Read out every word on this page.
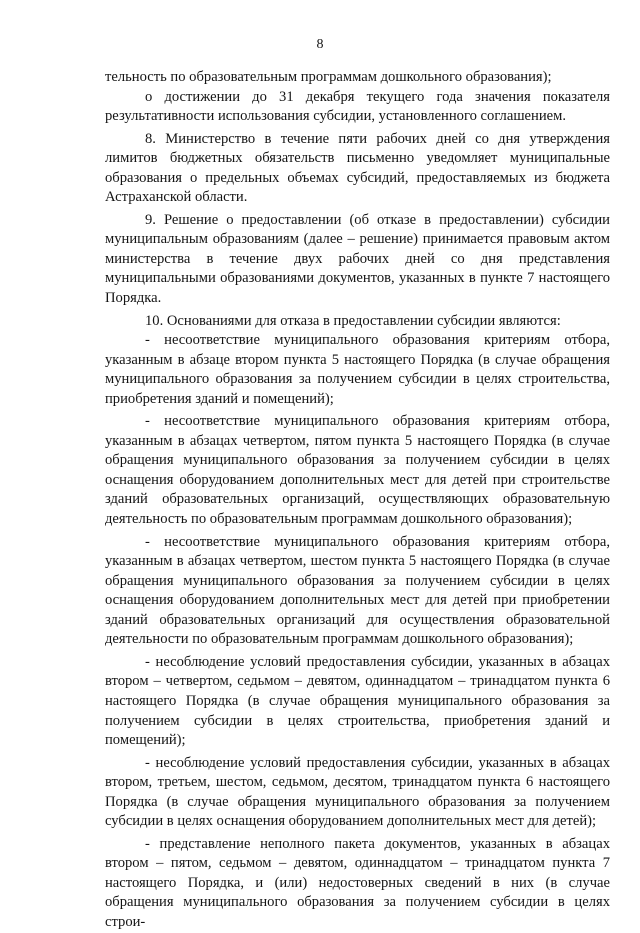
8

тельность по образовательным программам дошкольного образования);

о достижении до 31 декабря текущего года значения показателя результативности использования субсидии, установленного соглашением.

8. Министерство в течение пяти рабочих дней со дня утверждения лимитов бюджетных обязательств письменно уведомляет муниципальные образования о предельных объемах субсидий, предоставляемых из бюджета Астраханской области.

9. Решение о предоставлении (об отказе в предоставлении) субсидии муниципальным образованиям (далее – решение) принимается правовым актом министерства в течение двух рабочих дней со дня представления муниципальными образованиями документов, указанных в пункте 7 настоящего Порядка.

10. Основаниями для отказа в предоставлении субсидии являются:

- несоответствие муниципального образования критериям отбора, указанным в абзаце втором пункта 5 настоящего Порядка (в случае обращения муниципального образования за получением субсидии в целях строительства, приобретения зданий и помещений);

- несоответствие муниципального образования критериям отбора, указанным в абзацах четвертом, пятом пункта 5 настоящего Порядка (в случае обращения муниципального образования за получением субсидии в целях оснащения оборудованием дополнительных мест для детей при строительстве зданий образовательных организаций, осуществляющих образовательную деятельность по образовательным программам дошкольного образования);

- несоответствие муниципального образования критериям отбора, указанным в абзацах четвертом, шестом пункта 5 настоящего Порядка (в случае обращения муниципального образования за получением субсидии в целях оснащения оборудованием дополнительных мест для детей при приобретении зданий образовательных организаций для осуществления образовательной деятельности по образовательным программам дошкольного образования);

- несоблюдение условий предоставления субсидии, указанных в абзацах втором – четвертом, седьмом – девятом, одиннадцатом – тринадцатом пункта 6 настоящего Порядка (в случае обращения муниципального образования за получением субсидии в целях строительства, приобретения зданий и помещений);

- несоблюдение условий предоставления субсидии, указанных в абзацах втором, третьем, шестом, седьмом, десятом, тринадцатом пункта 6 настоящего Порядка (в случае обращения муниципального образования за получением субсидии в целях оснащения оборудованием дополнительных мест для детей);

- представление неполного пакета документов, указанных в абзацах втором – пятом, седьмом – девятом, одиннадцатом – тринадцатом пункта 7 настоящего Порядка, и (или) недостоверных сведений в них (в случае обращения муниципального образования за получением субсидии в целях строи-
